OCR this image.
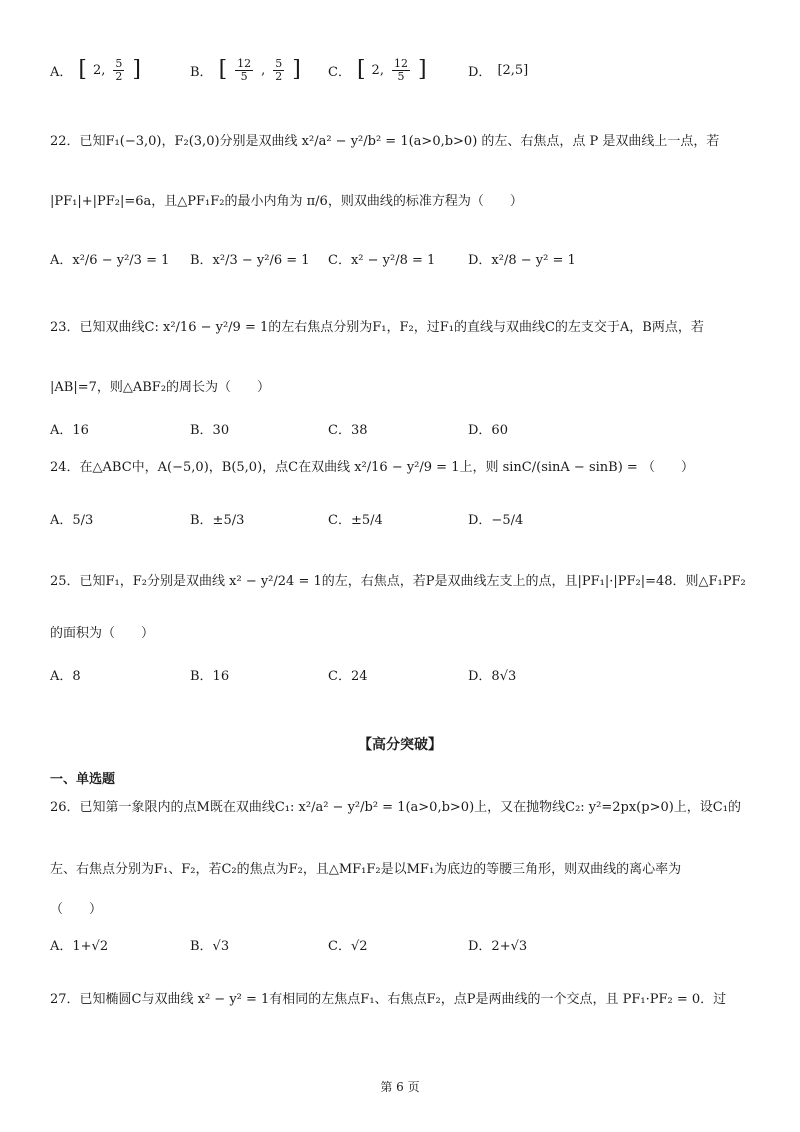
A． [ 2, $\frac{5}{2}$ ]	B． [ $\frac{12}{5}$ , $\frac{5}{2}$ ] C． [ 2, $\frac{12}{5}$ ]	D． [2,5]
22．已知F₁(−3,0)，F₂(3,0)分别是双曲线 x²/a² − y²/b² = 1(a>0,b>0) 的左、右焦点，点 P 是双曲线上一点，若
|PF₁|+|PF₂|=6a，且△PF₁F₂的最小内角为 π/6，则双曲线的标准方程为（　　）
A．x²/6 − y²/3 = 1 B．x²/3 − y²/6 = 1 C．x² − y²/8 = 1	D．x²/8 − y² = 1
23．已知双曲线C: x²/16 − y²/9 = 1的左右焦点分别为F₁，F₂，过F₁的直线与双曲线C的左支交于A，B两点，若
|AB|=7，则△ABF₂的周长为（　　）
A．16	B．30	C．38	D．60
24．在△ABC中，A(−5,0)，B(5,0)，点C在双曲线 x²/16 − y²/9 = 1上，则 sinC/(sinA − sinB) = （　　）
A．5/3	B．±5/3	C．±5/4	D．−5/4
25．已知F₁，F₂分别是双曲线 x² − y²/24 = 1的左，右焦点，若P是双曲线左支上的点，且|PF₁|·|PF₂|=48．则△F₁PF₂
的面积为（　　）
A．8	B．16	C．24	D．8√3
【高分突破】
一、单选题
26．已知第一象限内的点M既在双曲线C₁: x²/a² − y²/b² = 1(a>0,b>0)上，又在抛物线C₂: y²=2px(p>0)上，设C₁的
左、右焦点分别为F₁、F₂，若C₂的焦点为F₂，且△MF₁F₂是以MF₁为底边的等腰三角形，则双曲线的离心率为
（　　）
A．1+√2	B．√3	C．√2	D．2+√3
27．已知椭圆C与双曲线 x² − y² = 1有相同的左焦点F₁、右焦点F₂，点P是两曲线的一个交点，且 PF₁·PF₂ = 0．过
第 6 页
